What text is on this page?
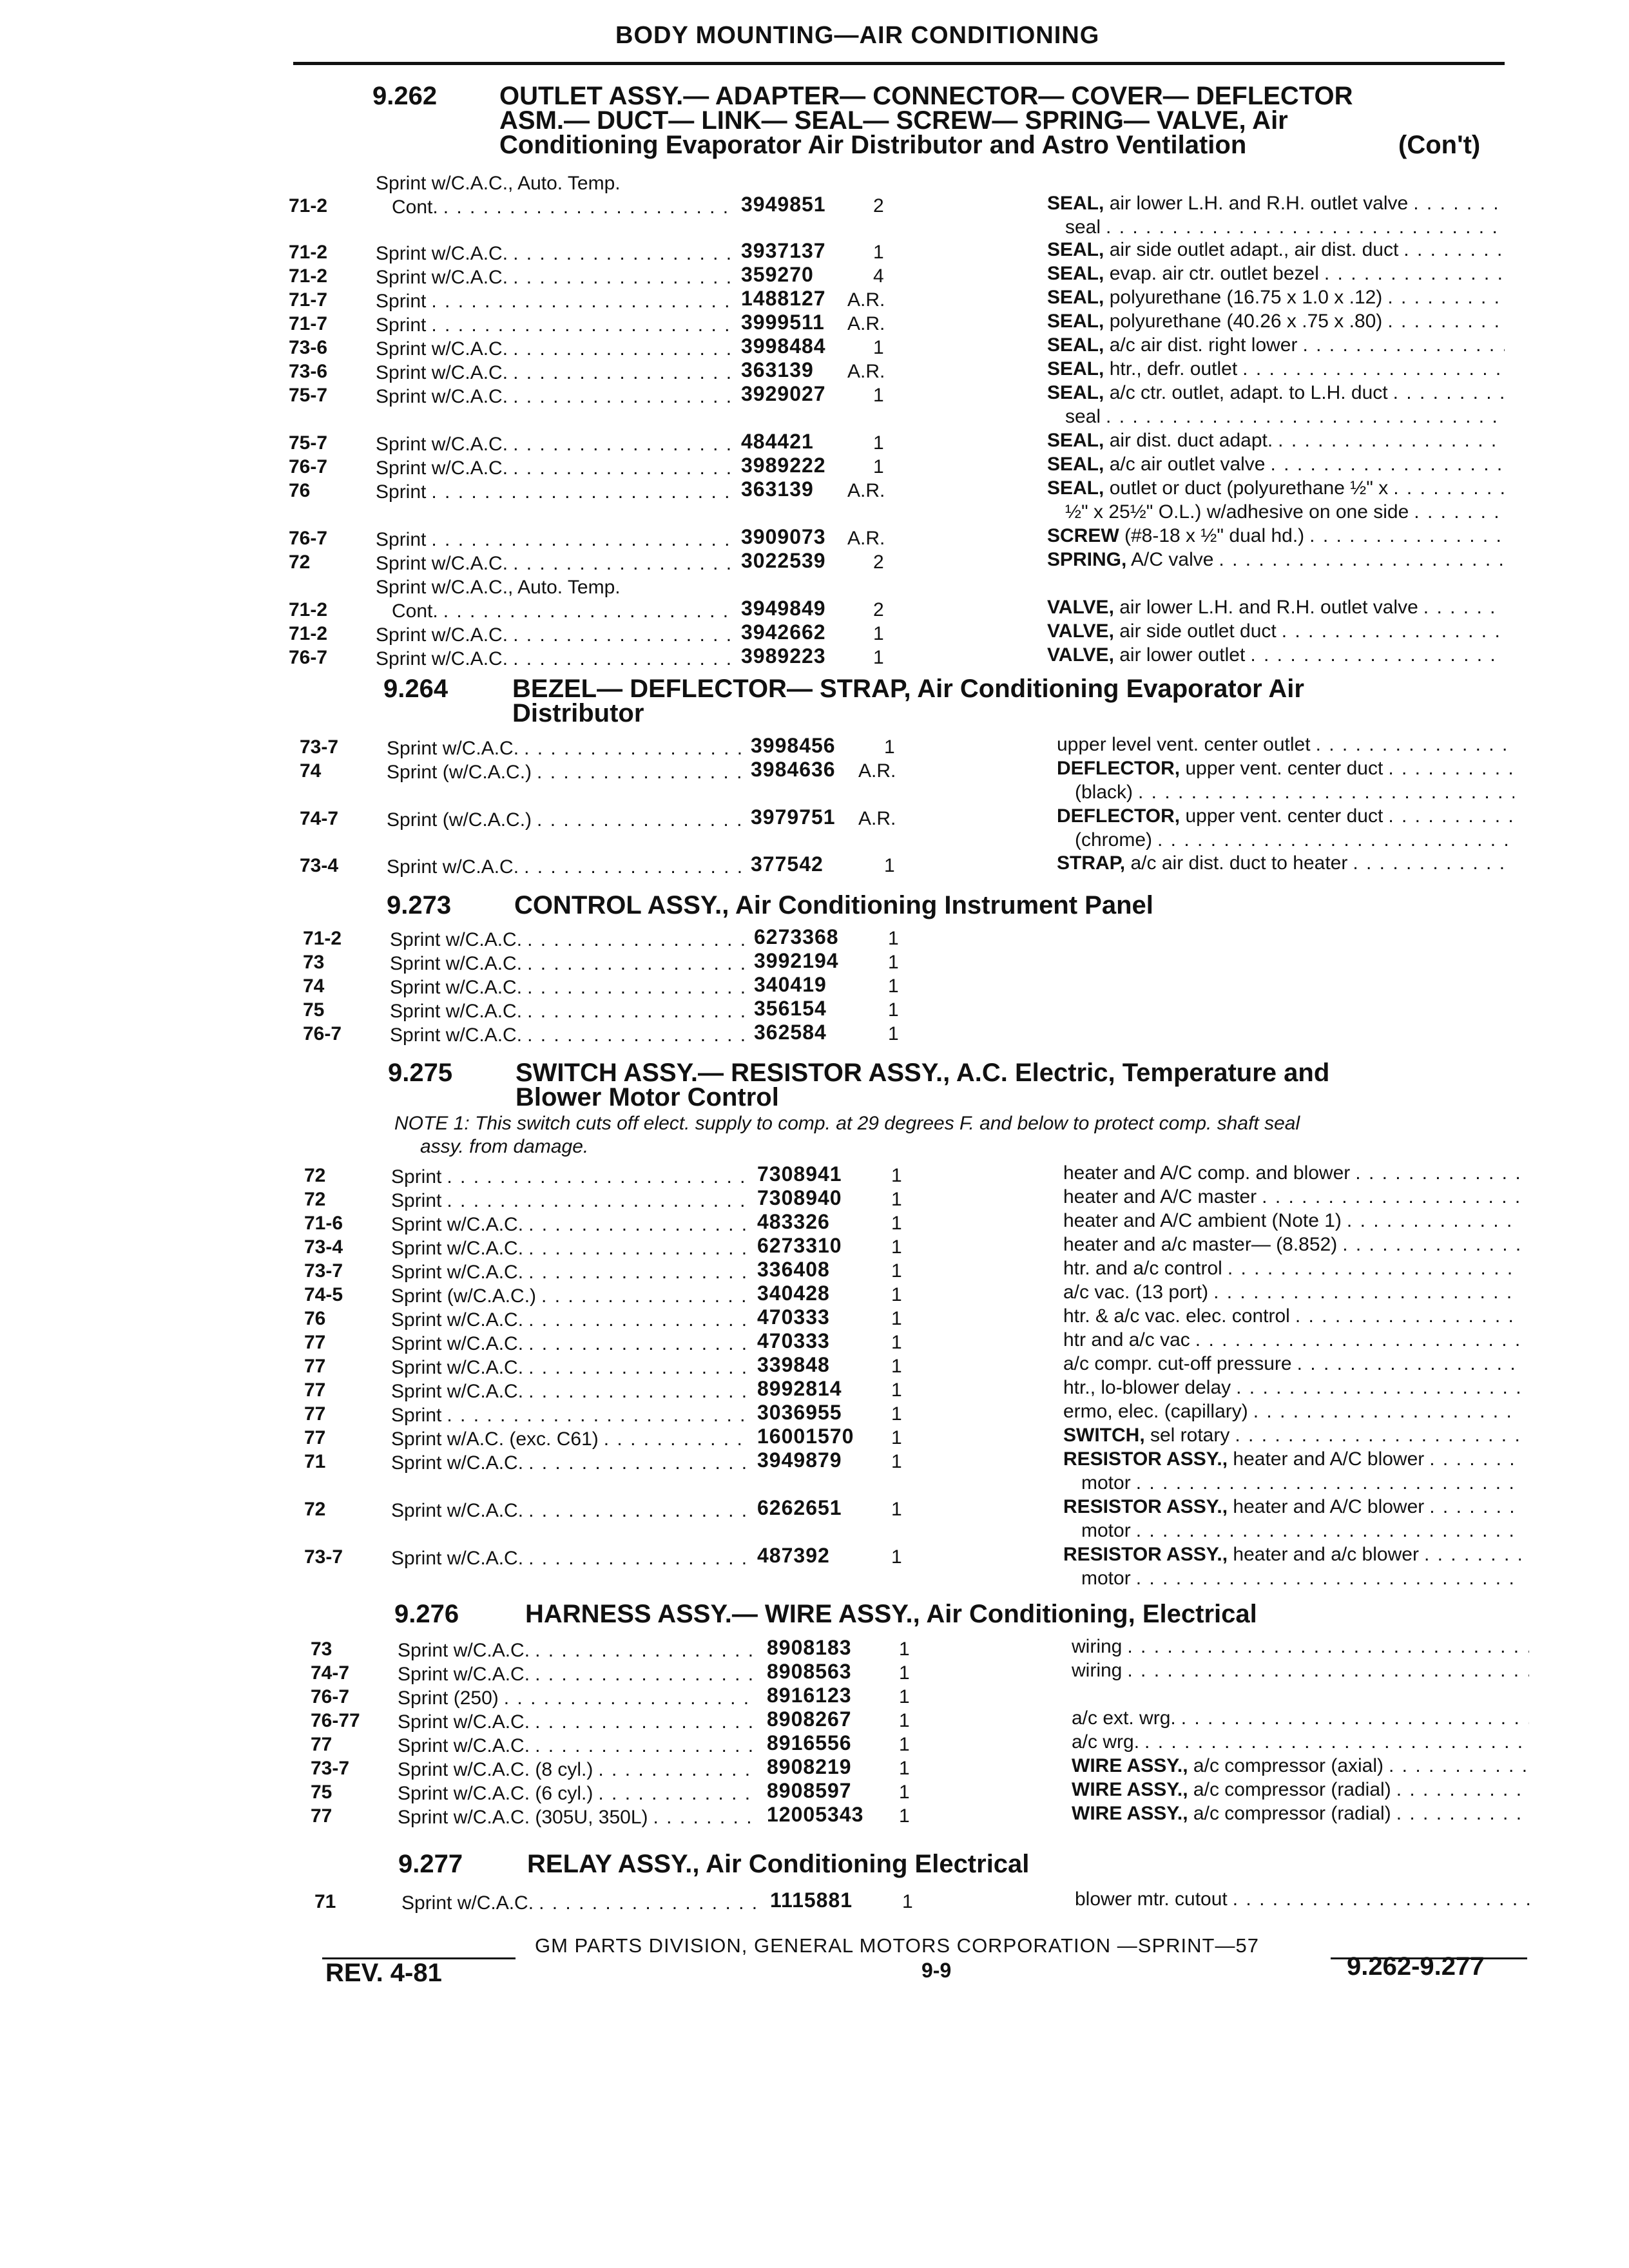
BODY MOUNTING—AIR CONDITIONING
9.262 OUTLET ASSY.— ADAPTER— CONNECTOR— COVER— DEFLECTOR
ASM.— DUCT— LINK— SEAL— SCREW— SPRING— VALVE, Air
Conditioning Evaporator Air Distributor and Astro Ventilation	(Con't)
71-2
Sprint w/C.A.C., Auto. Temp.
Cont. . . .	3949851 2	SEAL, air lower L.H. and R.H. outlet valve
. . .
seal
. . .
71-2 Sprint w/C.A.C. . . .	3937137 1	SEAL, air side outlet adapt., air dist. duct
. . .
71-2 Sprint w/C.A.C. . . .	359270	4	SEAL, evap. air ctr. outlet bezel
. . .
71-7 Sprint . . .	1488127 A.R.	SEAL, polyurethane (16.75 x 1.0 x .12)
. . .
71-7 Sprint . . .	3999511 A.R.	SEAL, polyurethane (40.26 x .75 x .80)
. . .
73-6 Sprint w/C.A.C. . . .	3998484 1	SEAL, a/c air dist. right lower
. . .
73-6 Sprint w/C.A.C. . . .	363139 A.R.	SEAL, htr., defr. outlet
. . .
75-7 Sprint w/C.A.C. . . .	3929027 1	SEAL, a/c ctr. outlet, adapt. to L.H. duct
. . .
seal
. . .
75-7 Sprint w/C.A.C. . . .	484421	1	SEAL, air dist. duct adapt.
. . .
76-7 Sprint w/C.A.C. . . .	3989222 1	SEAL, a/c air outlet valve
. . .
76	Sprint . . .	363139 A.R.	SEAL, outlet or duct (polyurethane ½" x
. . .
½" x 25½" O.L.) w/adhesive on one side
. . .
76-7 Sprint . . .	3909073 A.R.	SCREW (#8-18 x ½" dual hd.)
. . .
72	Sprint w/C.A.C. . . .	3022539 2	SPRING, A/C valve
. . .
71-2
Sprint w/C.A.C., Auto. Temp.
Cont. . . .	3949849 2	VALVE, air lower L.H. and R.H. outlet valve
. . .
71-2 Sprint w/C.A.C. . . .	3942662 1	VALVE, air side outlet duct
. . .
76-7 Sprint w/C.A.C. . . .	3989223 1	VALVE, air lower outlet
. . .
9.264 BEZEL— DEFLECTOR— STRAP, Air Conditioning Evaporator Air
Distributor
73-7 Sprint w/C.A.C. . . .	3998456	1	upper level vent. center outlet
. . .
74	Sprint (w/C.A.C.) . . .	3984636 A.R.	DEFLECTOR, upper vent. center duct
. . .
(black)
. . .
74-7 Sprint (w/C.A.C.) . . .	3979751 A.R.	DEFLECTOR, upper vent. center duct
. . .
(chrome)
. . .
73-4 Sprint w/C.A.C. . . .	377542	1	STRAP, a/c air dist. duct to heater
. . .
9.273 CONTROL ASSY., Air Conditioning Instrument Panel
71-2 Sprint w/C.A.C. . . .	6273368	1
73	Sprint w/C.A.C. . . .	3992194	1
74	Sprint w/C.A.C. . . .	340419	1
75	Sprint w/C.A.C. . . .	356154	1
76-7 Sprint w/C.A.C. . . .	362584	1
9.275 SWITCH ASSY.— RESISTOR ASSY., A.C. Electric, Temperature and
Blower Motor Control
NOTE 1: This switch cuts off elect. supply to comp. at 29 degrees F. and below to protect comp. shaft seal
assy. from damage.
72	Sprint . . .	7308941	1	heater and A/C comp. and blower
. . .
72	Sprint . . .	7308940	1	heater and A/C master
. . .
71-6 Sprint w/C.A.C. . . .	483326	1	heater and A/C ambient (Note 1)
. . .
73-4 Sprint w/C.A.C. . . .	6273310	1	heater and a/c master— (8.852)
. . .
73-7 Sprint w/C.A.C. . . .	336408	1	htr. and a/c control
. . .
74-5 Sprint (w/C.A.C.) . . .	340428	1	a/c vac. (13 port)
. . .
76	Sprint w/C.A.C. . . .	470333	1	htr. & a/c vac. elec. control
. . .
77	Sprint w/C.A.C. . . .	470333	1	htr and a/c vac
. . .
77	Sprint w/C.A.C. . . .	339848	1	a/c compr. cut-off pressure
. . .
77	Sprint w/C.A.C. . . .	8992814	1	htr., lo-blower delay
. . .
77	Sprint . . .	3036955	1	ermo, elec. (capillary)
. . .
77	Sprint w/A.C. (exc. C61) . . .	16001570 1	SWITCH, sel rotary
. . .
71	Sprint w/C.A.C. . . .	3949879	1	RESISTOR ASSY., heater and A/C blower
. . .
motor
. . .
72	Sprint w/C.A.C. . . .	6262651	1	RESISTOR ASSY., heater and A/C blower
. . .
motor
. . .
73-7 Sprint w/C.A.C. . . .	487392	1	RESISTOR ASSY., heater and a/c blower
. . .
motor
. . .
9.276	HARNESS ASSY.— WIRE ASSY., Air Conditioning, Electrical
73	Sprint w/C.A.C. . . .	8908183 1	wiring
. . .
74-7 Sprint w/C.A.C. . . .	8908563 1	wiring
. . .
76-7 Sprint (250) . . .	8916123 1
76-77 Sprint w/C.A.C. . . .	8908267 1	a/c ext. wrg.
. . .
77	Sprint w/C.A.C. . . .	8916556 1	a/c wrg.
. . .
73-7 Sprint w/C.A.C. (8 cyl.) . . .	8908219 1	WIRE ASSY., a/c compressor (axial)
. . .
75	Sprint w/C.A.C. (6 cyl.) . . .	8908597 1	WIRE ASSY., a/c compressor (radial)
. . .
77	Sprint w/C.A.C. (305U, 350L) . . .	12005343 1	WIRE ASSY., a/c compressor (radial)
. . .
9.277 RELAY ASSY., Air Conditioning Electrical
71	Sprint w/C.A.C. . . .	1115881	1	blower mtr. cutout
. . .
GM PARTS DIVISION, GENERAL MOTORS CORPORATION —SPRINT—57
REV. 4-81	9-9	9.262-9.277
